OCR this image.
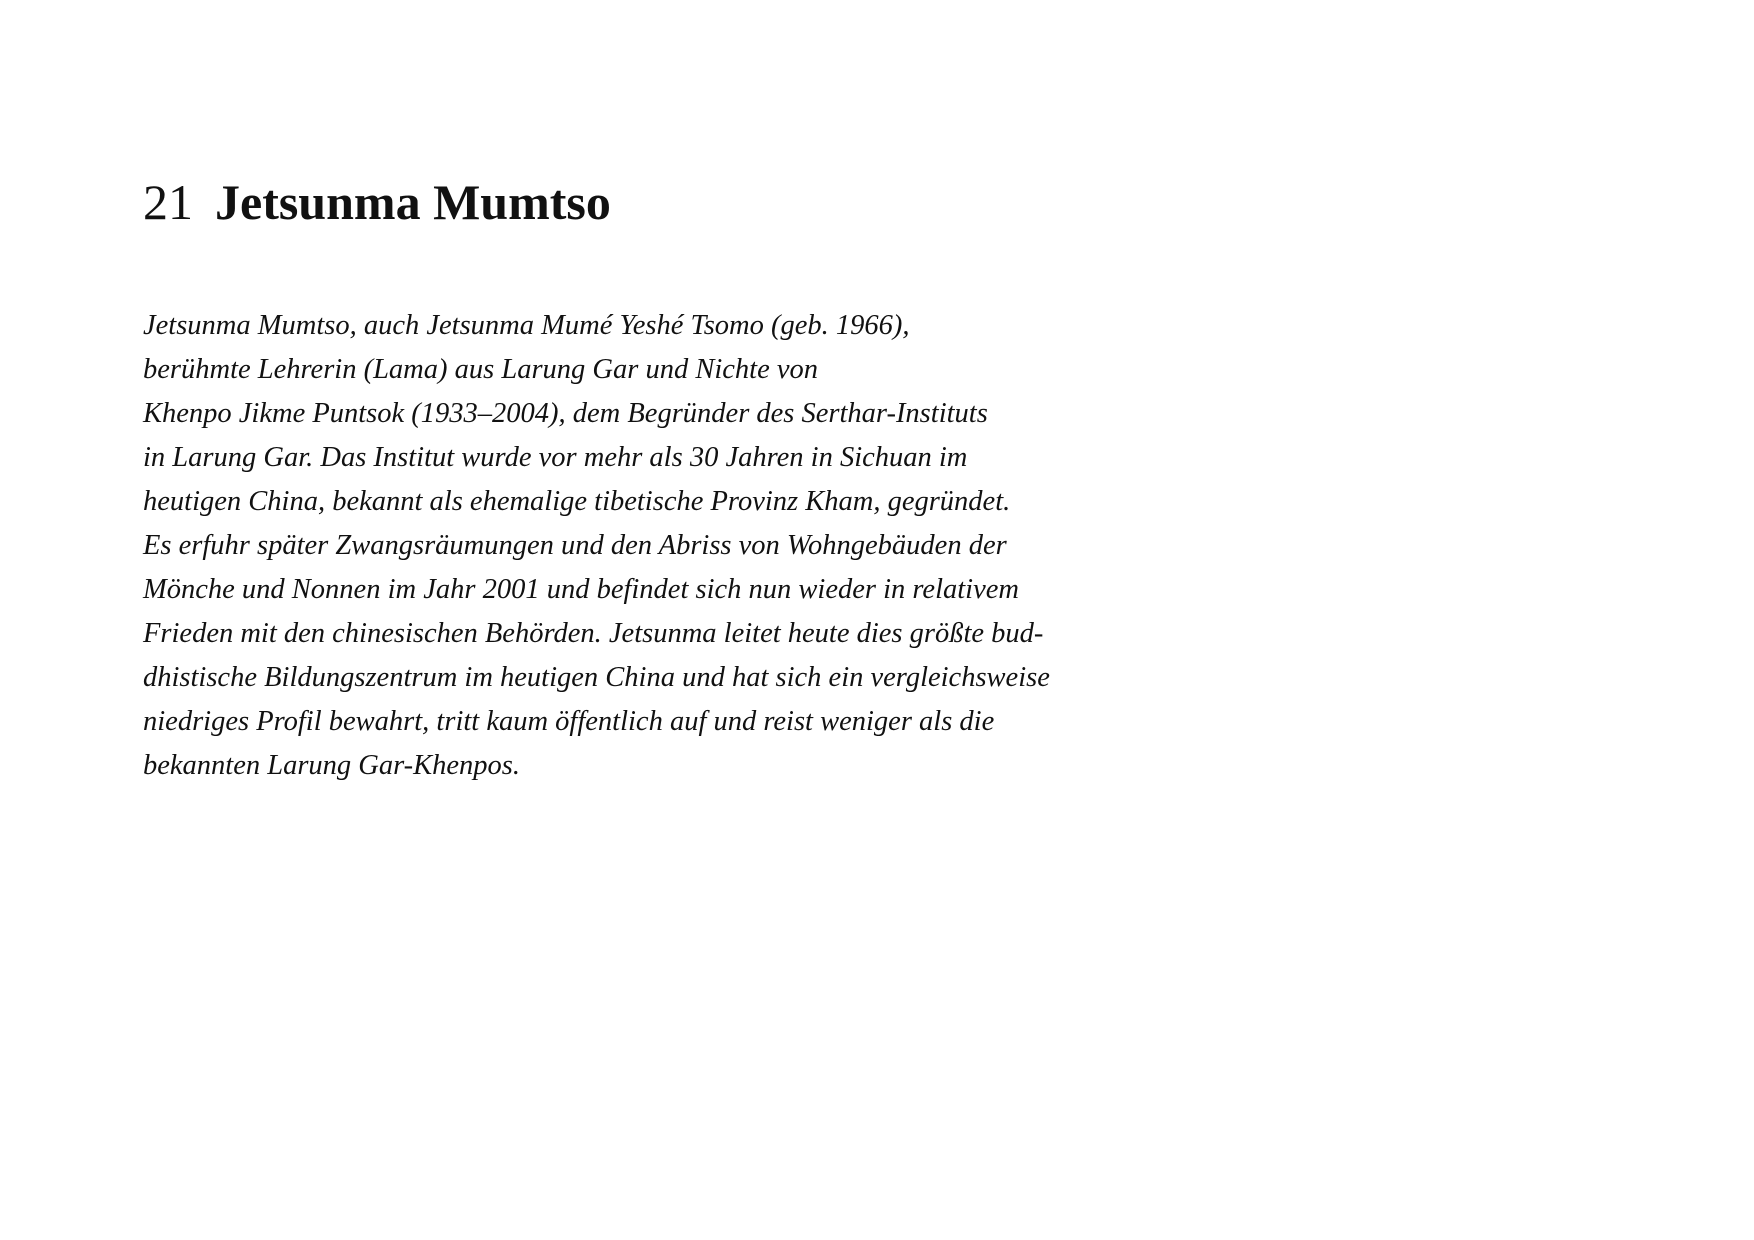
21 Jetsunma Mumtso

Jetsunma Mumtso, auch Jetsunma Mumé Yeshé Tsomo (geb. 1966),
berühmte Lehrerin (Lama) aus Larung Gar und Nichte von
Khenpo Jikme Puntsok (1933–2004), dem Begründer des Serthar-Instituts
in Larung Gar. Das Institut wurde vor mehr als 30 Jahren in Sichuan im
heutigen China, bekannt als ehemalige tibetische Provinz Kham, gegründet.
Es erfuhr später Zwangsräumungen und den Abriss von Wohngebäuden der
Mönche und Nonnen im Jahr 2001 und befindet sich nun wieder in relativem
Frieden mit den chinesischen Behörden. Jetsunma leitet heute dies größte bud-
dhistische Bildungszentrum im heutigen China und hat sich ein vergleichsweise
niedriges Profil bewahrt, tritt kaum öffentlich auf und reist weniger als die
bekannten Larung Gar-Khenpos.
